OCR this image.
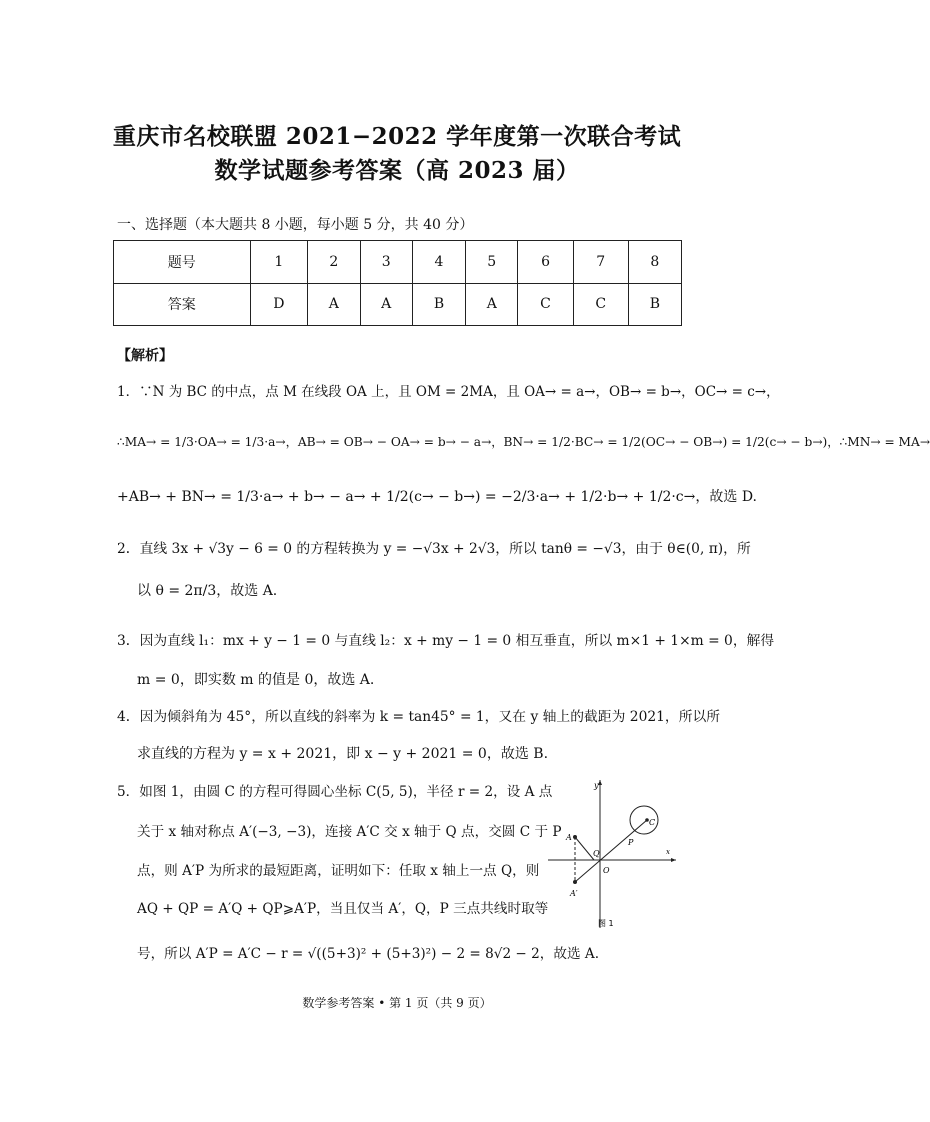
重庆市名校联盟 2021−2022 学年度第一次联合考试
数学试题参考答案（高 2023 届）
一、选择题（本大题共 8 小题，每小题 5 分，共 40 分）
题号	1	2	3	4	5	6	7	8
答案	D	A	A	B	A	C	C	B
【解析】
1．∵N 为 BC 的中点，点 M 在线段 OA 上，且 OM = 2MA，且 OA→ = a→，OB→ = b→，OC→ = c→，
∴MA→ = 1/3·OA→ = 1/3·a→，AB→ = OB→ − OA→ = b→ − a→，BN→ = 1/2·BC→ = 1/2(OC→ − OB→) = 1/2(c→ − b→)，∴MN→ = MA→
+AB→ + BN→ = 1/3·a→ + b→ − a→ + 1/2(c→ − b→) = −2/3·a→ + 1/2·b→ + 1/2·c→，故选 D.
2．直线 3x + √3y − 6 = 0 的方程转换为 y = −√3x + 2√3，所以 tanθ = −√3，由于 θ∈(0, π)，所
以 θ = 2π/3，故选 A.
3．因为直线 l₁：mx + y − 1 = 0 与直线 l₂：x + my − 1 = 0 相互垂直，所以 m×1 + 1×m = 0，解得
m = 0，即实数 m 的值是 0，故选 A.
4．因为倾斜角为 45°，所以直线的斜率为 k = tan45° = 1，又在 y 轴上的截距为 2021，所以所
求直线的方程为 y = x + 2021，即 x − y + 2021 = 0，故选 B.
5．如图 1，由圆 C 的方程可得圆心坐标 C(5, 5)，半径 r = 2，设 A 点
关于 x 轴对称点 A′(−3, −3)，连接 A′C 交 x 轴于 Q 点，交圆 C 于 P
点，则 A′P 为所求的最短距离，证明如下：任取 x 轴上一点 Q，则
AQ + QP = A′Q + QP⩾A′P，当且仅当 A′，Q，P 三点共线时取等
号，所以 A′P = A′C − r = √((5+3)² + (5+3)²) − 2 = 8√2 − 2，故选 A.
y
x
O
Q
A
A′
C
P
图 1
数学参考答案 • 第 1 页（共 9 页）
